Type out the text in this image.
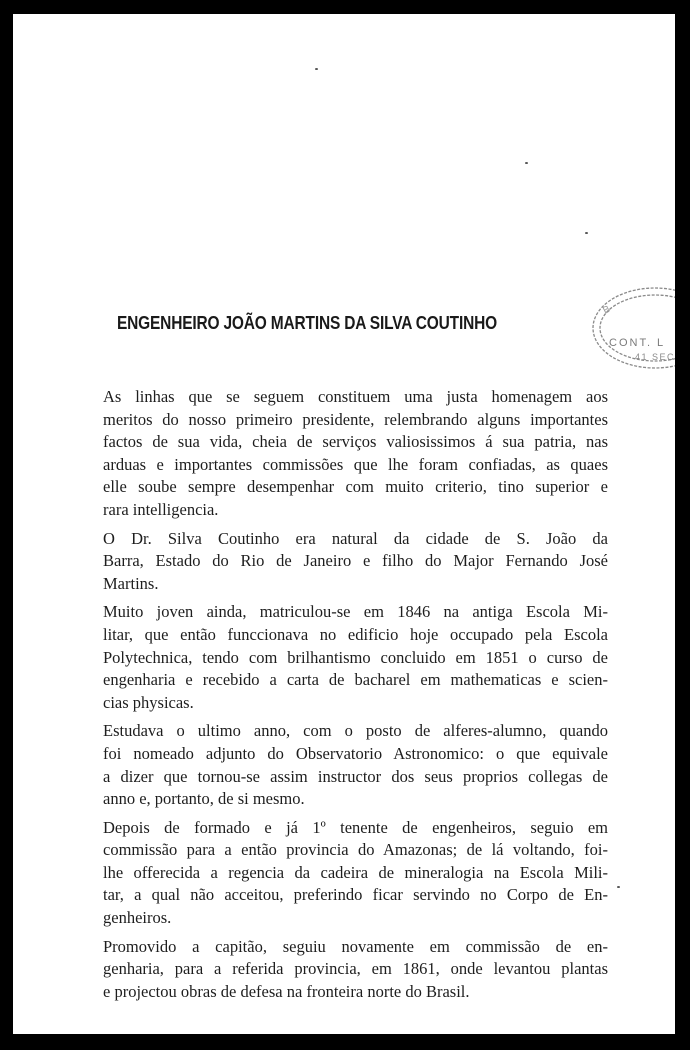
ENGENHEIRO JOÃO MARTINS DA SILVA COUTINHO
B
CONT. L
41 SEC

As linhas que se seguem constituem uma justa homenagem aos
meritos do nosso primeiro presidente, relembrando alguns importantes
factos de sua vida, cheia de serviços valiosissimos á sua patria, nas
arduas e importantes commissões que lhe foram confiadas, as quaes
elle soube sempre desempenhar com muito criterio, tino superior e
rara intelligencia.

O Dr. Silva Coutinho era natural da cidade de S. João da
Barra, Estado do Rio de Janeiro e filho do Major Fernando José
Martins.

Muito joven ainda, matriculou-se em 1846 na antiga Escola Mi-
litar, que então funccionava no edificio hoje occupado pela Escola
Polytechnica, tendo com brilhantismo concluido em 1851 o curso de
engenharia e recebido a carta de bacharel em mathematicas e scien-
cias physicas.

Estudava o ultimo anno, com o posto de alferes-alumno, quando
foi nomeado adjunto do Observatorio Astronomico: o que equivale
a dizer que tornou-se assim instructor dos seus proprios collegas de
anno e, portanto, de si mesmo.

Depois de formado e já 1º tenente de engenheiros, seguio em
commissão para a então provincia do Amazonas; de lá voltando, foi-
lhe offerecida a regencia da cadeira de mineralogia na Escola Mili-
tar, a qual não acceitou, preferindo ficar servindo no Corpo de En-
genheiros.

Promovido a capitão, seguiu novamente em commissão de en-
genharia, para a referida provincia, em 1861, onde levantou plantas
e projectou obras de defesa na fronteira norte do Brasil.
